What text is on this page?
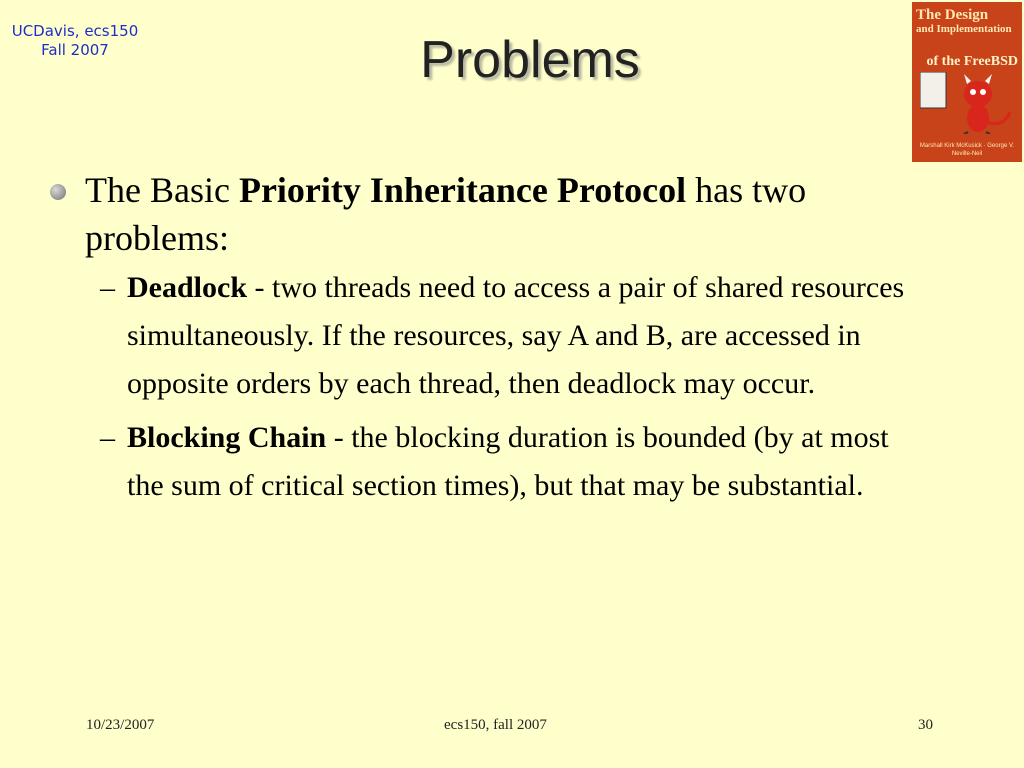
UCDavis, ecs150
Fall 2007	Problems
The Design
and Implementation
of the FreeBSD
Marshall Kirk McKusick · George V. Neville-Neil
The Basic Priority Inheritance Protocol has two problems:
– Deadlock - two threads need to access a pair of shared resources simultaneously. If the resources, say A and B, are accessed in opposite orders by each thread, then deadlock may occur.
– Blocking Chain - the blocking duration is bounded (by at most the sum of critical section times), but that may be substantial.
10/23/2007	ecs150, fall 2007	30
